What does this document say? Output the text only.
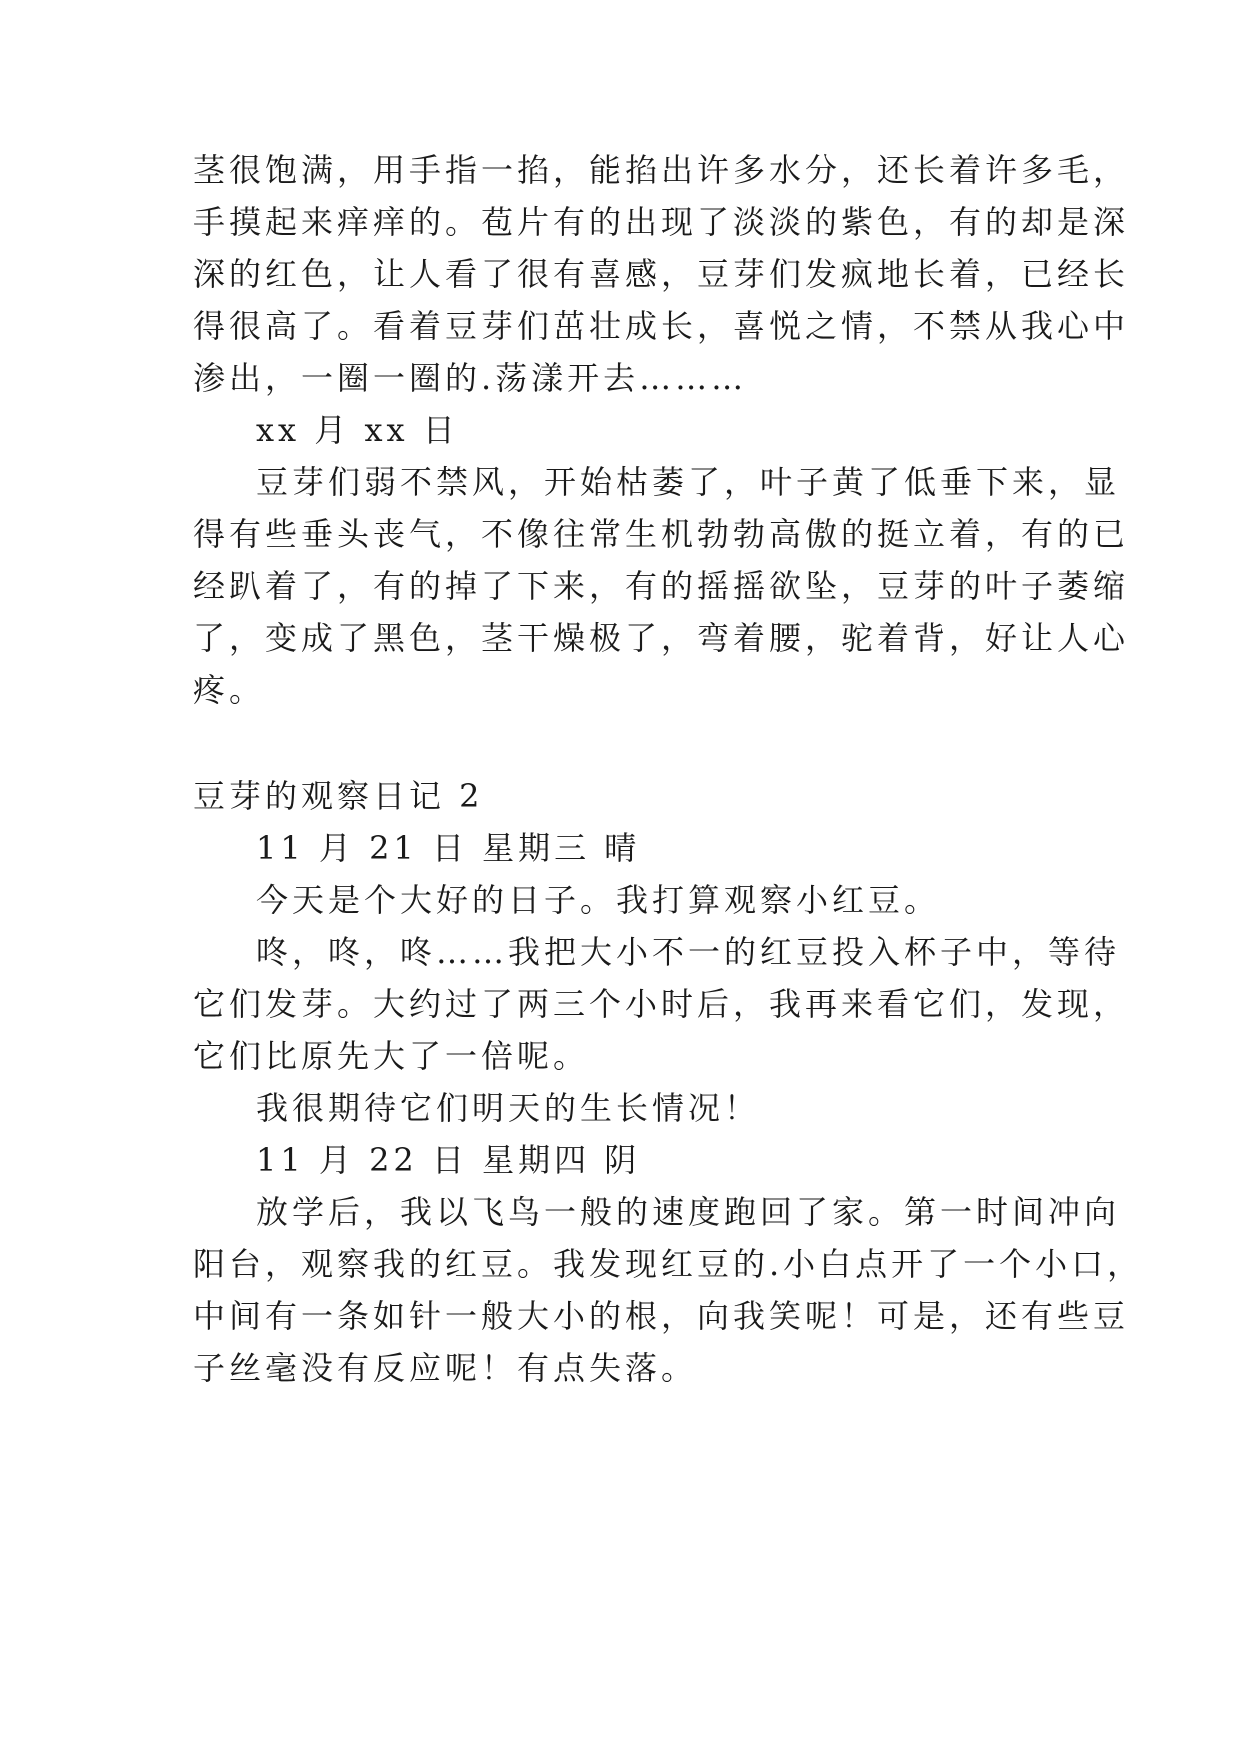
茎很饱满，用手指一掐，能掐出许多水分，还长着许多毛，
手摸起来痒痒的。苞片有的出现了淡淡的紫色，有的却是深
深的红色，让人看了很有喜感，豆芽们发疯地长着，已经长
得很高了。看着豆芽们茁壮成长，喜悦之情，不禁从我心中
渗出，一圈一圈的.荡漾开去………
xx 月 xx 日
豆芽们弱不禁风，开始枯萎了，叶子黄了低垂下来，显
得有些垂头丧气，不像往常生机勃勃高傲的挺立着，有的已
经趴着了，有的掉了下来，有的摇摇欲坠，豆芽的叶子萎缩
了，变成了黑色，茎干燥极了，弯着腰，驼着背，好让人心
疼。
豆芽的观察日记 2
11 月 21 日 星期三 晴
今天是个大好的日子。我打算观察小红豆。
咚，咚，咚……我把大小不一的红豆投入杯子中，等待
它们发芽。大约过了两三个小时后，我再来看它们，发现，
它们比原先大了一倍呢。
我很期待它们明天的生长情况！
11 月 22 日 星期四 阴
放学后，我以飞鸟一般的速度跑回了家。第一时间冲向
阳台，观察我的红豆。我发现红豆的.小白点开了一个小口，
中间有一条如针一般大小的根，向我笑呢！可是，还有些豆
子丝毫没有反应呢！有点失落。
